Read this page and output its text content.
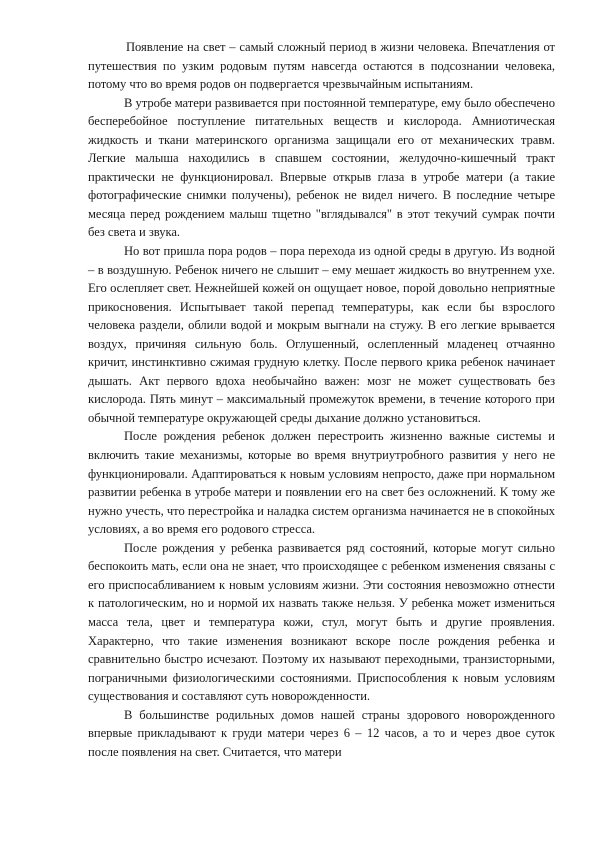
Появление на свет – самый сложный период в жизни человека. Впечатления от путешествия по узким родовым путям навсегда остаются в подсознании человека, потому что во время родов он подвергается чрезвычайным испытаниям.

В утробе матери развивается при постоянной температуре, ему было обеспечено бесперебойное поступление питательных веществ и кислорода. Амниотическая жидкость и ткани материнского организма защищали его от механических травм. Легкие малыша находились в спавшем состоянии, желудочно-кишечный тракт практически не функционировал. Впервые открыв глаза в утробе матери (а такие фотографические снимки получены), ребенок не видел ничего. В последние четыре месяца перед рождением малыш тщетно "вглядывался" в этот текучий сумрак почти без света и звука.

Но вот пришла пора родов – пора перехода из одной среды в другую. Из водной – в воздушную. Ребенок ничего не слышит – ему мешает жидкость во внутреннем ухе. Его ослепляет свет. Нежнейшей кожей он ощущает новое, порой довольно неприятные прикосновения. Испытывает такой перепад температуры, как если бы взрослого человека раздели, облили водой и мокрым выгнали на стужу. В его легкие врывается воздух, причиняя сильную боль. Оглушенный, ослепленный младенец отчаянно кричит, инстинктивно сжимая грудную клетку. После первого крика ребенок начинает дышать. Акт первого вдоха необычайно важен: мозг не может существовать без кислорода. Пять минут – максимальный промежуток времени, в течение которого при обычной температуре окружающей среды дыхание должно установиться.

После рождения ребенок должен перестроить жизненно важные системы и включить такие механизмы, которые во время внутриутробного развития у него не функционировали. Адаптироваться к новым условиям непросто, даже при нормальном развитии ребенка в утробе матери и появлении его на свет без осложнений. К тому же нужно учесть, что перестройка и наладка систем организма начинается не в спокойных условиях, а во время его родового стресса.

После рождения у ребенка развивается ряд состояний, которые могут сильно беспокоить мать, если она не знает, что происходящее с ребенком изменения связаны с его приспосабливанием к новым условиям жизни. Эти состояния невозможно отнести к патологическим, но и нормой их назвать также нельзя. У ребенка может измениться масса тела, цвет и температура кожи, стул, могут быть и другие проявления. Характерно, что такие изменения возникают вскоре после рождения ребенка и сравнительно быстро исчезают. Поэтому их называют переходными, транзисторными, пограничными физиологическими состояниями. Приспособления к новым условиям существования и составляют суть новорожденности.

В большинстве родильных домов нашей страны здорового новорожденного впервые прикладывают к груди матери через 6 – 12 часов, а то и через двое суток после появления на свет. Считается, что матери
